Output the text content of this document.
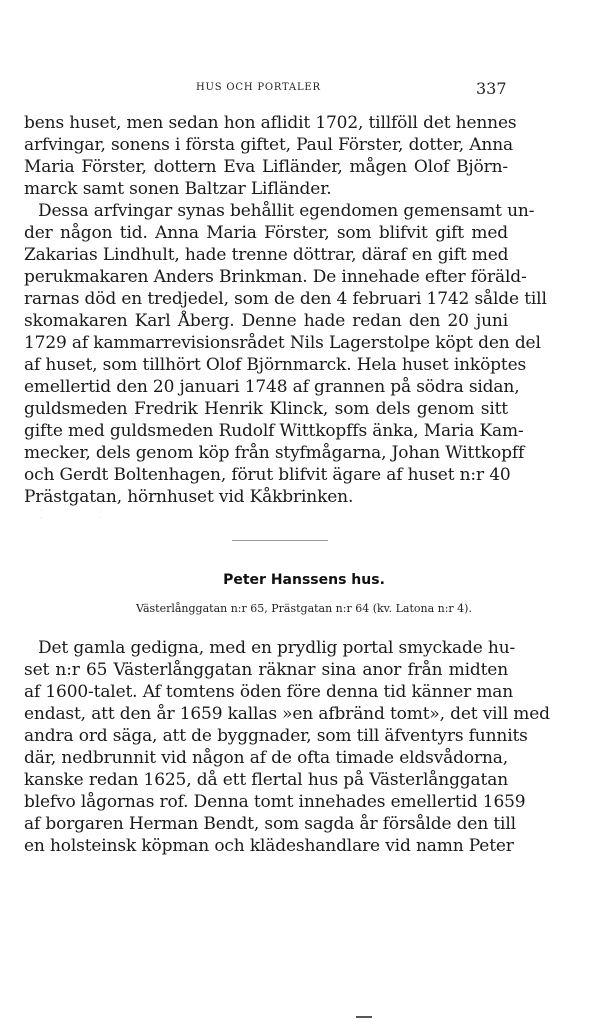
HUS OCH PORTALER	337
bens huset, men sedan hon aflidit 1702, tillföll det hennes
arfvingar, sonens i första giftet, Paul Förster, dotter, Anna
Maria Förster, dottern Eva Lifländer, mågen Olof Björn-
marck samt sonen Baltzar Lifländer.
Dessa arfvingar synas behållit egendomen gemensamt un-
der någon tid. Anna Maria Förster, som blifvit gift med
Zakarias Lindhult, hade trenne döttrar, däraf en gift med
perukmakaren Anders Brinkman. De innehade efter föräld-
rarnas död en tredjedel, som de den 4 februari 1742 sålde till
skomakaren Karl Åberg. Denne hade redan den 20 juni
1729 af kammarrevisionsrådet Nils Lagerstolpe köpt den del
af huset, som tillhört Olof Björnmarck. Hela huset inköptes
emellertid den 20 januari 1748 af grannen på södra sidan,
guldsmeden Fredrik Henrik Klinck, som dels genom sitt
gifte med guldsmeden Rudolf Wittkopffs änka, Maria Kam-
mecker, dels genom köp från styfmågarna, Johan Wittkopff
och Gerdt Boltenhagen, förut blifvit ägare af huset n:r 40
Prästgatan, hörnhuset vid Kåkbrinken.
· · · ·
Peter Hanssens hus.
Västerlånggatan n:r 65, Prästgatan n:r 64 (kv. Latona n:r 4).
Det gamla gedigna, med en prydlig portal smyckade hu-
set n:r 65 Västerlånggatan räknar sina anor från midten
af 1600-talet. Af tomtens öden före denna tid känner man
endast, att den år 1659 kallas »en afbränd tomt», det vill med
andra ord säga, att de byggnader, som till äfventyrs funnits
där, nedbrunnit vid någon af de ofta timade eldsvådorna,
kanske redan 1625, då ett flertal hus på Västerlånggatan
blefvo lågornas rof. Denna tomt innehades emellertid 1659
af borgaren Herman Bendt, som sagda år försålde den till
en holsteinsk köpman och klädeshandlare vid namn Peter
